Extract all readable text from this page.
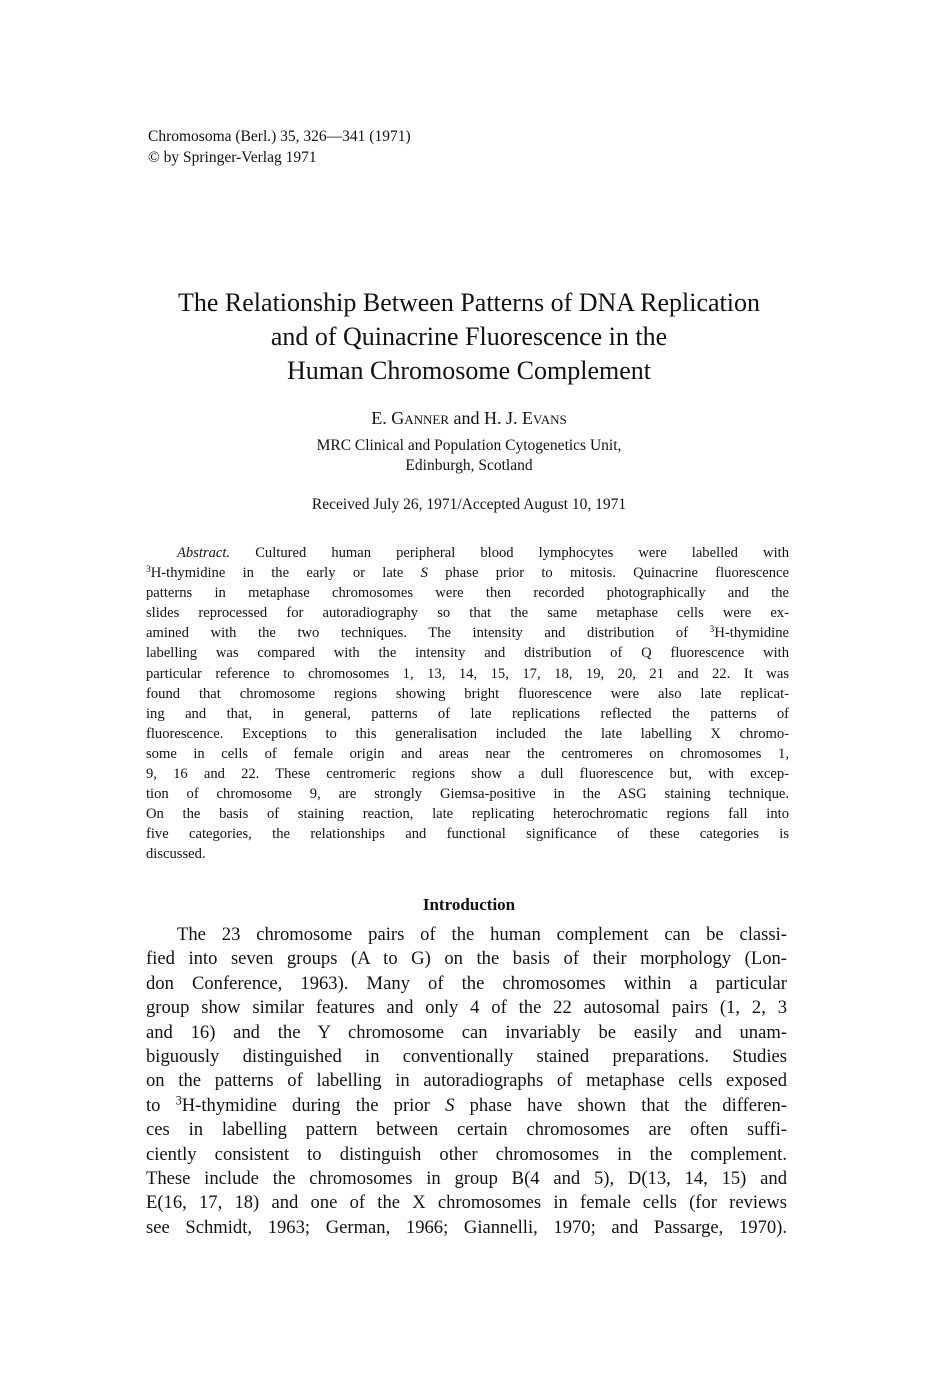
Chromosoma (Berl.) 35, 326—341 (1971)
© by Springer-Verlag 1971
The Relationship Between Patterns of DNA Replication
and of Quinacrine Fluorescence in the
Human Chromosome Complement
E. Ganner and H. J. Evans
MRC Clinical and Population Cytogenetics Unit,
Edinburgh, Scotland
Received July 26, 1971/Accepted August 10, 1971
Abstract. Cultured human peripheral blood lymphocytes were labelled with
$^3$H-thymidine in the early or late S phase prior to mitosis. Quinacrine fluorescence
patterns in metaphase chromosomes were then recorded photographically and the
slides reprocessed for autoradiography so that the same metaphase cells were ex-
amined with the two techniques. The intensity and distribution of $^3$H-thymidine
labelling was compared with the intensity and distribution of Q fluorescence with
particular reference to chromosomes 1, 13, 14, 15, 17, 18, 19, 20, 21 and 22. It was
found that chromosome regions showing bright fluorescence were also late replicat-
ing and that, in general, patterns of late replications reflected the patterns of
fluorescence. Exceptions to this generalisation included the late labelling X chromo-
some in cells of female origin and areas near the centromeres on chromosomes 1,
9, 16 and 22. These centromeric regions show a dull fluorescence but, with excep-
tion of chromosome 9, are strongly Giemsa-positive in the ASG staining technique.
On the basis of staining reaction, late replicating heterochromatic regions fall into
five categories, the relationships and functional significance of these categories is
discussed.
Introduction
The 23 chromosome pairs of the human complement can be classi-
fied into seven groups (A to G) on the basis of their morphology (Lon-
don Conference, 1963). Many of the chromosomes within a particular
group show similar features and only 4 of the 22 autosomal pairs (1, 2, 3
and 16) and the Y chromosome can invariably be easily and unam-
biguously distinguished in conventionally stained preparations. Studies
on the patterns of labelling in autoradiographs of metaphase cells exposed
to $^3$H-thymidine during the prior S phase have shown that the differen-
ces in labelling pattern between certain chromosomes are often suffi-
ciently consistent to distinguish other chromosomes in the complement.
These include the chromosomes in group B(4 and 5), D(13, 14, 15) and
E(16, 17, 18) and one of the X chromosomes in female cells (for reviews
see Schmidt, 1963; German, 1966; Giannelli, 1970; and Passarge, 1970).
